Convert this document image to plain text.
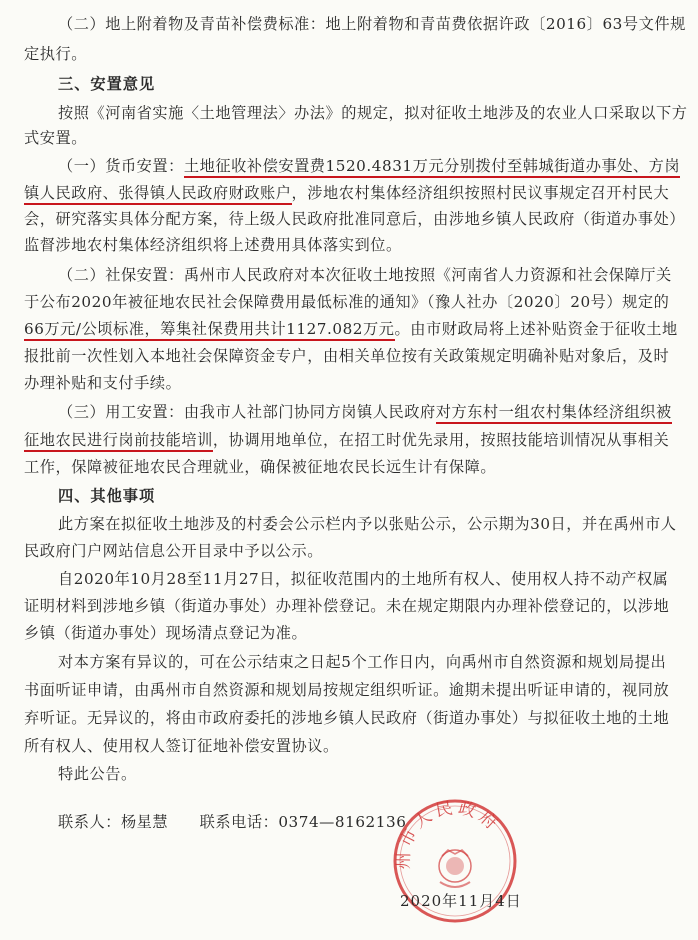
（二）地上附着物及青苗补偿费标准：地上附着物和青苗费依据许政〔2016〕63号文件规
定执行。
三、安置意见
按照《河南省实施〈土地管理法〉办法》的规定，拟对征收土地涉及的农业人口采取以下方
式安置。
（一）货币安置：土地征收补偿安置费1520.4831万元分别拨付至韩城街道办事处、方岗
镇人民政府、张得镇人民政府财政账户，涉地农村集体经济组织按照村民议事规定召开村民大
会，研究落实具体分配方案，待上级人民政府批准同意后，由涉地乡镇人民政府（街道办事处）
监督涉地农村集体经济组织将上述费用具体落实到位。
（二）社保安置：禹州市人民政府对本次征收土地按照《河南省人力资源和社会保障厅关
于公布2020年被征地农民社会保障费用最低标准的通知》（豫人社办〔2020〕20号）规定的
66万元/公顷标准，筹集社保费用共计1127.082万元。由市财政局将上述补贴资金于征收土地
报批前一次性划入本地社会保障资金专户，由相关单位按有关政策规定明确补贴对象后，及时
办理补贴和支付手续。
（三）用工安置：由我市人社部门协同方岗镇人民政府对方东村一组农村集体经济组织被
征地农民进行岗前技能培训，协调用地单位，在招工时优先录用，按照技能培训情况从事相关
工作，保障被征地农民合理就业，确保被征地农民长远生计有保障。
四、其他事项
此方案在拟征收土地涉及的村委会公示栏内予以张贴公示，公示期为30日，并在禹州市人
民政府门户网站信息公开目录中予以公示。
自2020年10月28至11月27日，拟征收范围内的土地所有权人、使用权人持不动产权属
证明材料到涉地乡镇（街道办事处）办理补偿登记。未在规定期限内办理补偿登记的，以涉地
乡镇（街道办事处）现场清点登记为准。
对本方案有异议的，可在公示结束之日起5个工作日内，向禹州市自然资源和规划局提出
书面听证申请，由禹州市自然资源和规划局按规定组织听证。逾期未提出听证申请的，视同放
弃听证。无异议的，将由市政府委托的涉地乡镇人民政府（街道办事处）与拟征收土地的土地
所有权人、使用权人签订征地补偿安置协议。
特此公告。
联系人：杨星慧　　联系电话：0374—8162136
州市人民政府
2020年11月4日
